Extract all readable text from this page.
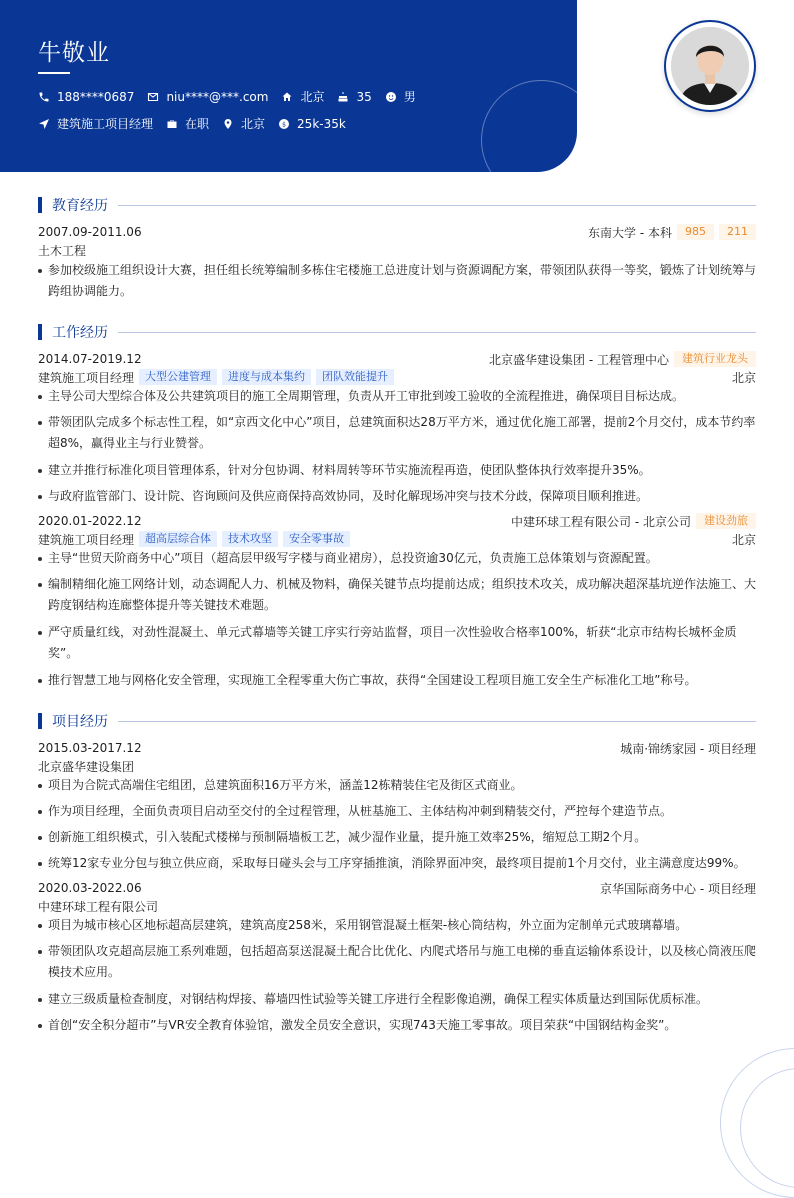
牛敬业
188****0687	niu****@***.com	北京	35	男
建筑施工项目经理	在职	北京 $ 25k-35k
教育经历
2007.09-2011.06	东南大学 - 本科	985	211
土木工程
参加校级施工组织设计大赛，担任组长统筹编制多栋住宅楼施工总进度计划与资源调配方案，带领团队获得一等奖，锻炼了计划统筹与跨组协调能力。
工作经历
2014.07-2019.12	北京盛华建设集团 - 工程管理中心	建筑行业龙头
建筑施工项目经理	大型公建管理	进度与成本集约	团队效能提升	北京
主导公司大型综合体及公共建筑项目的施工全周期管理，负责从开工审批到竣工验收的全流程推进，确保项目目标达成。
带领团队完成多个标志性工程，如“京西文化中心”项目，总建筑面积达28万平方米，通过优化施工部署，提前2个月交付，成本节约率超8%，赢得业主与行业赞誉。
建立并推行标准化项目管理体系，针对分包协调、材料周转等环节实施流程再造，使团队整体执行效率提升35%。
与政府监管部门、设计院、咨询顾问及供应商保持高效协同，及时化解现场冲突与技术分歧，保障项目顺利推进。
2020.01-2022.12	中建环球工程有限公司 - 北京公司	建设劲旅
建筑施工项目经理	超高层综合体	技术攻坚	安全零事故	北京
主导“世贸天阶商务中心”项目（超高层甲级写字楼与商业裙房），总投资逾30亿元，负责施工总体策划与资源配置。
编制精细化施工网络计划，动态调配人力、机械及物料，确保关键节点均提前达成；组织技术攻关，成功解决超深基坑逆作法施工、大跨度钢结构连廊整体提升等关键技术难题。
严守质量红线，对劲性混凝土、单元式幕墙等关键工序实行旁站监督，项目一次性验收合格率100%，斩获“北京市结构长城杯金质奖”。
推行智慧工地与网格化安全管理，实现施工全程零重大伤亡事故，获得“全国建设工程项目施工安全生产标准化工地”称号。
项目经历
2015.03-2017.12	城南·锦绣家园 - 项目经理
北京盛华建设集团
项目为合院式高端住宅组团，总建筑面积16万平方米，涵盖12栋精装住宅及街区式商业。
作为项目经理，全面负责项目启动至交付的全过程管理，从桩基施工、主体结构冲刺到精装交付，严控每个建造节点。
创新施工组织模式，引入装配式楼梯与预制隔墙板工艺，减少湿作业量，提升施工效率25%，缩短总工期2个月。
统筹12家专业分包与独立供应商，采取每日碰头会与工序穿插推演，消除界面冲突，最终项目提前1个月交付，业主满意度达99%。
2020.03-2022.06	京华国际商务中心 - 项目经理
中建环球工程有限公司
项目为城市核心区地标超高层建筑，建筑高度258米，采用钢管混凝土框架-核心筒结构，外立面为定制单元式玻璃幕墙。
带领团队攻克超高层施工系列难题，包括超高泵送混凝土配合比优化、内爬式塔吊与施工电梯的垂直运输体系设计，以及核心筒液压爬模技术应用。
建立三级质量检查制度，对钢结构焊接、幕墙四性试验等关键工序进行全程影像追溯，确保工程实体质量达到国际优质标准。
首创“安全积分超市”与VR安全教育体验馆，激发全员安全意识，实现743天施工零事故。项目荣获“中国钢结构金奖”。
